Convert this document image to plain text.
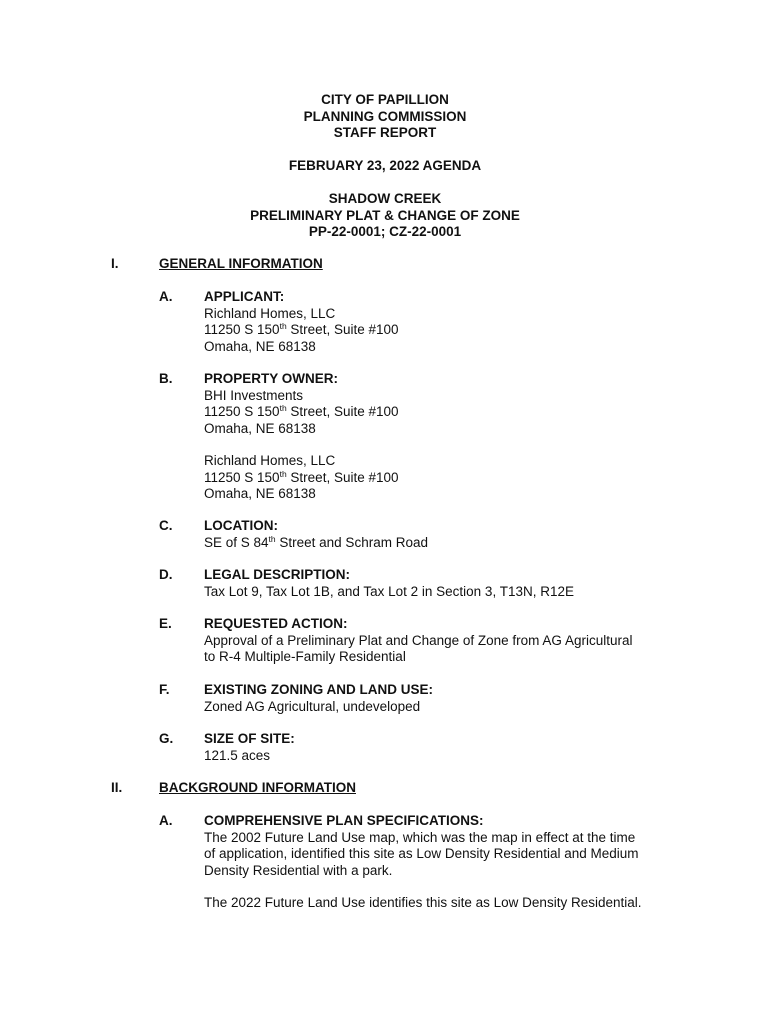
CITY OF PAPILLION
PLANNING COMMISSION
STAFF REPORT
FEBRUARY 23, 2022 AGENDA
SHADOW CREEK
PRELIMINARY PLAT & CHANGE OF ZONE
PP-22-0001; CZ-22-0001
I.	GENERAL INFORMATION
A. APPLICANT:
Richland Homes, LLC
11250 S 150th Street, Suite #100
Omaha, NE 68138
B. PROPERTY OWNER:
BHI Investments
11250 S 150th Street, Suite #100
Omaha, NE 68138
Richland Homes, LLC
11250 S 150th Street, Suite #100
Omaha, NE 68138
C. LOCATION:
SE of S 84th Street and Schram Road
D. LEGAL DESCRIPTION:
Tax Lot 9, Tax Lot 1B, and Tax Lot 2 in Section 3, T13N, R12E
E. REQUESTED ACTION:
Approval of a Preliminary Plat and Change of Zone from AG Agricultural
to R-4 Multiple-Family Residential
F.	EXISTING ZONING AND LAND USE:
Zoned AG Agricultural, undeveloped
G. SIZE OF SITE:
121.5 aces
II.	BACKGROUND INFORMATION
A. COMPREHENSIVE PLAN SPECIFICATIONS:
The 2002 Future Land Use map, which was the map in effect at the time
of application, identified this site as Low Density Residential and Medium
Density Residential with a park.
The 2022 Future Land Use identifies this site as Low Density Residential.
